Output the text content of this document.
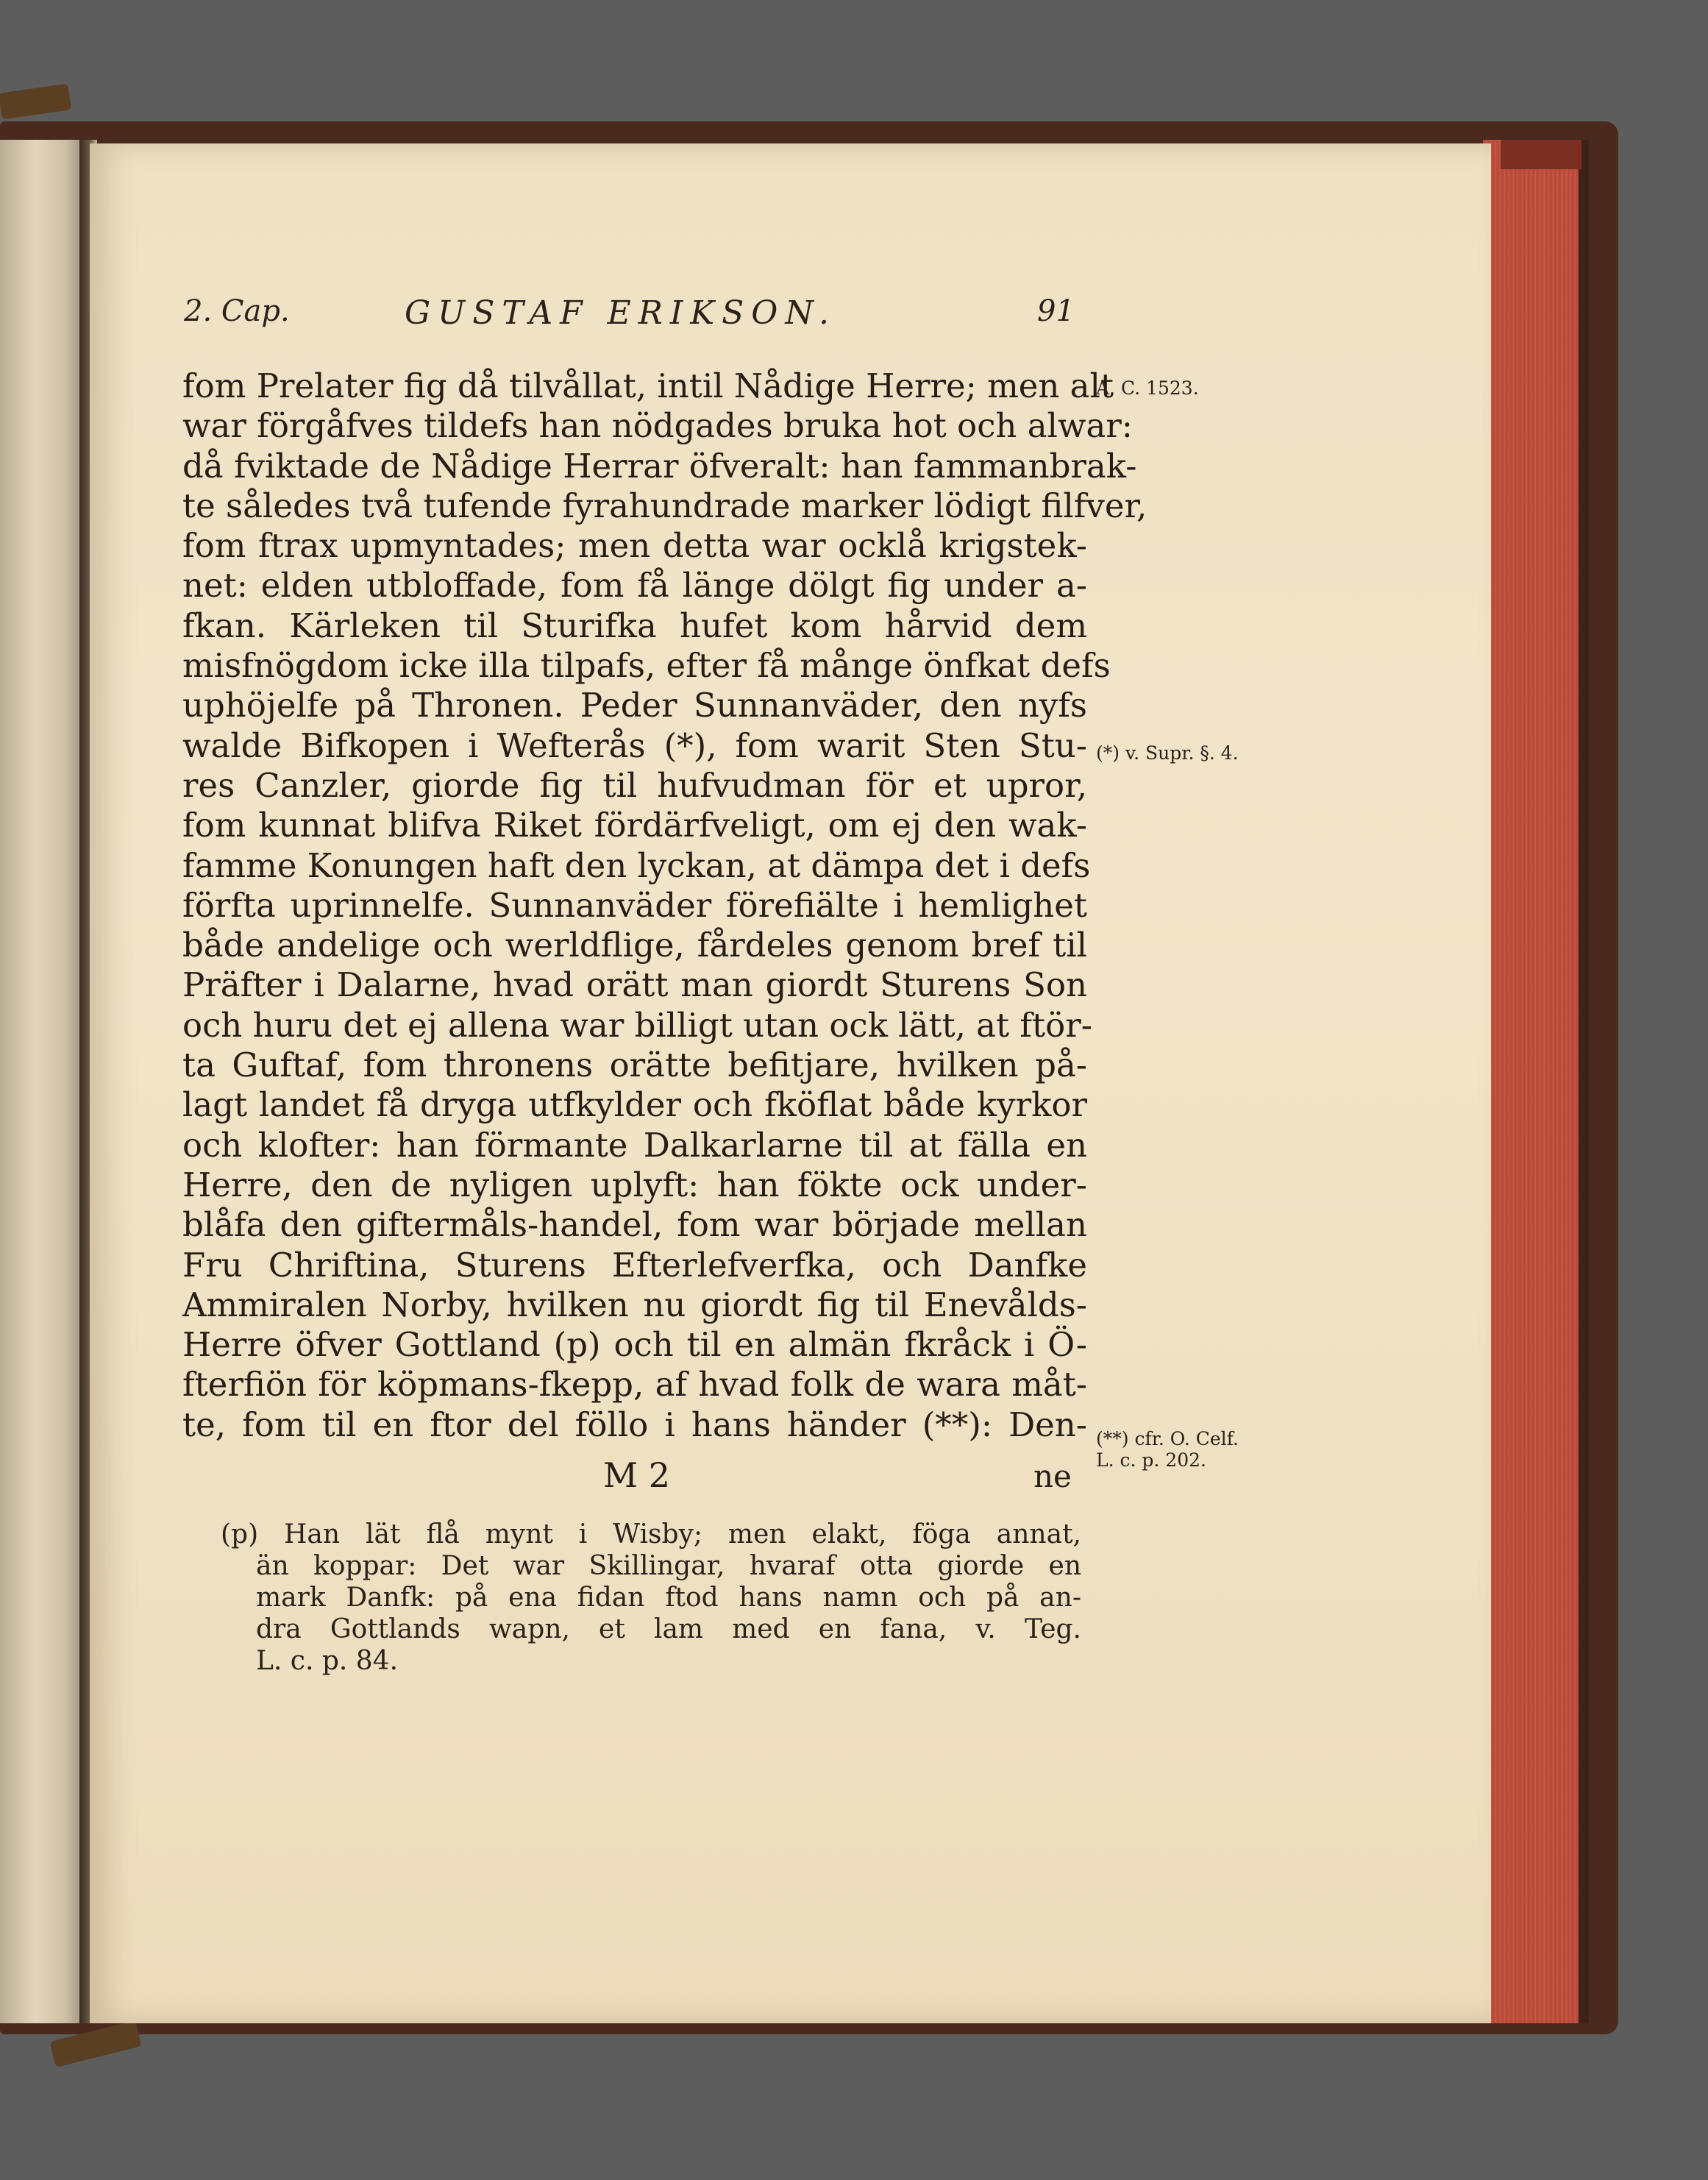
2. Cap.	GUSTAF ERIKSON.	91
fom Prelater fig då tilvållat, intil Nådige Herre; men alt
war förgåfves tildefs han nödgades bruka hot och alwar:
då fviktade de Nådige Herrar öfveralt: han fammanbrak-
te således två tufende fyrahundrade marker lödigt filfver,
fom ftrax upmyntades; men detta war ocklå krigstek-
net: elden utbloffade, fom få länge dölgt fig under a-
fkan. Kärleken til Sturifka hufet kom hårvid dem
misfnögdom icke illa tilpafs, efter få månge önfkat defs
uphöjelfe på Thronen. Peder Sunnanväder, den nyfs
walde Bifkopen i Wefterås (*), fom warit Sten Stu-
res Canzler, giorde fig til hufvudman för et upror,
fom kunnat blifva Riket fördärfveligt, om ej den wak-
famme Konungen haft den lyckan, at dämpa det i defs
förfta uprinnelfe. Sunnanväder förefiälte i hemlighet
både andelige och werldflige, fårdeles genom bref til
Präfter i Dalarne, hvad orätt man giordt Sturens Son
och huru det ej allena war billigt utan ock lätt, at ftör-
ta Guftaf, fom thronens orätte befitjare, hvilken på-
lagt landet få dryga utfkylder och fköflat både kyrkor
och klofter: han förmante Dalkarlarne til at fälla en
Herre, den de nyligen uplyft: han fökte ock under-
blåfa den giftermåls-handel, fom war började mellan
Fru Chriftina, Sturens Efterlefverfka, och Danfke
Ammiralen Norby, hvilken nu giordt fig til Enevålds-
Herre öfver Gottland (p) och til en almän fkråck i Ö-
fterfiön för köpmans-fkepp, af hvad folk de wara måt-
te, fom til en ftor del föllo i hans händer (**): Den-
A. C. 1523.
(*) v. Supr. §. 4.
(**) cfr. O. Celf.
L. c. p. 202.
M 2	ne
(p) Han lät flå mynt i Wisby; men elakt, föga annat,
än koppar: Det war Skillingar, hvaraf otta giorde en
mark Danfk: på ena fidan ftod hans namn och på an-
dra Gottlands wapn, et lam med en fana, v. Teg.
L. c. p. 84.
